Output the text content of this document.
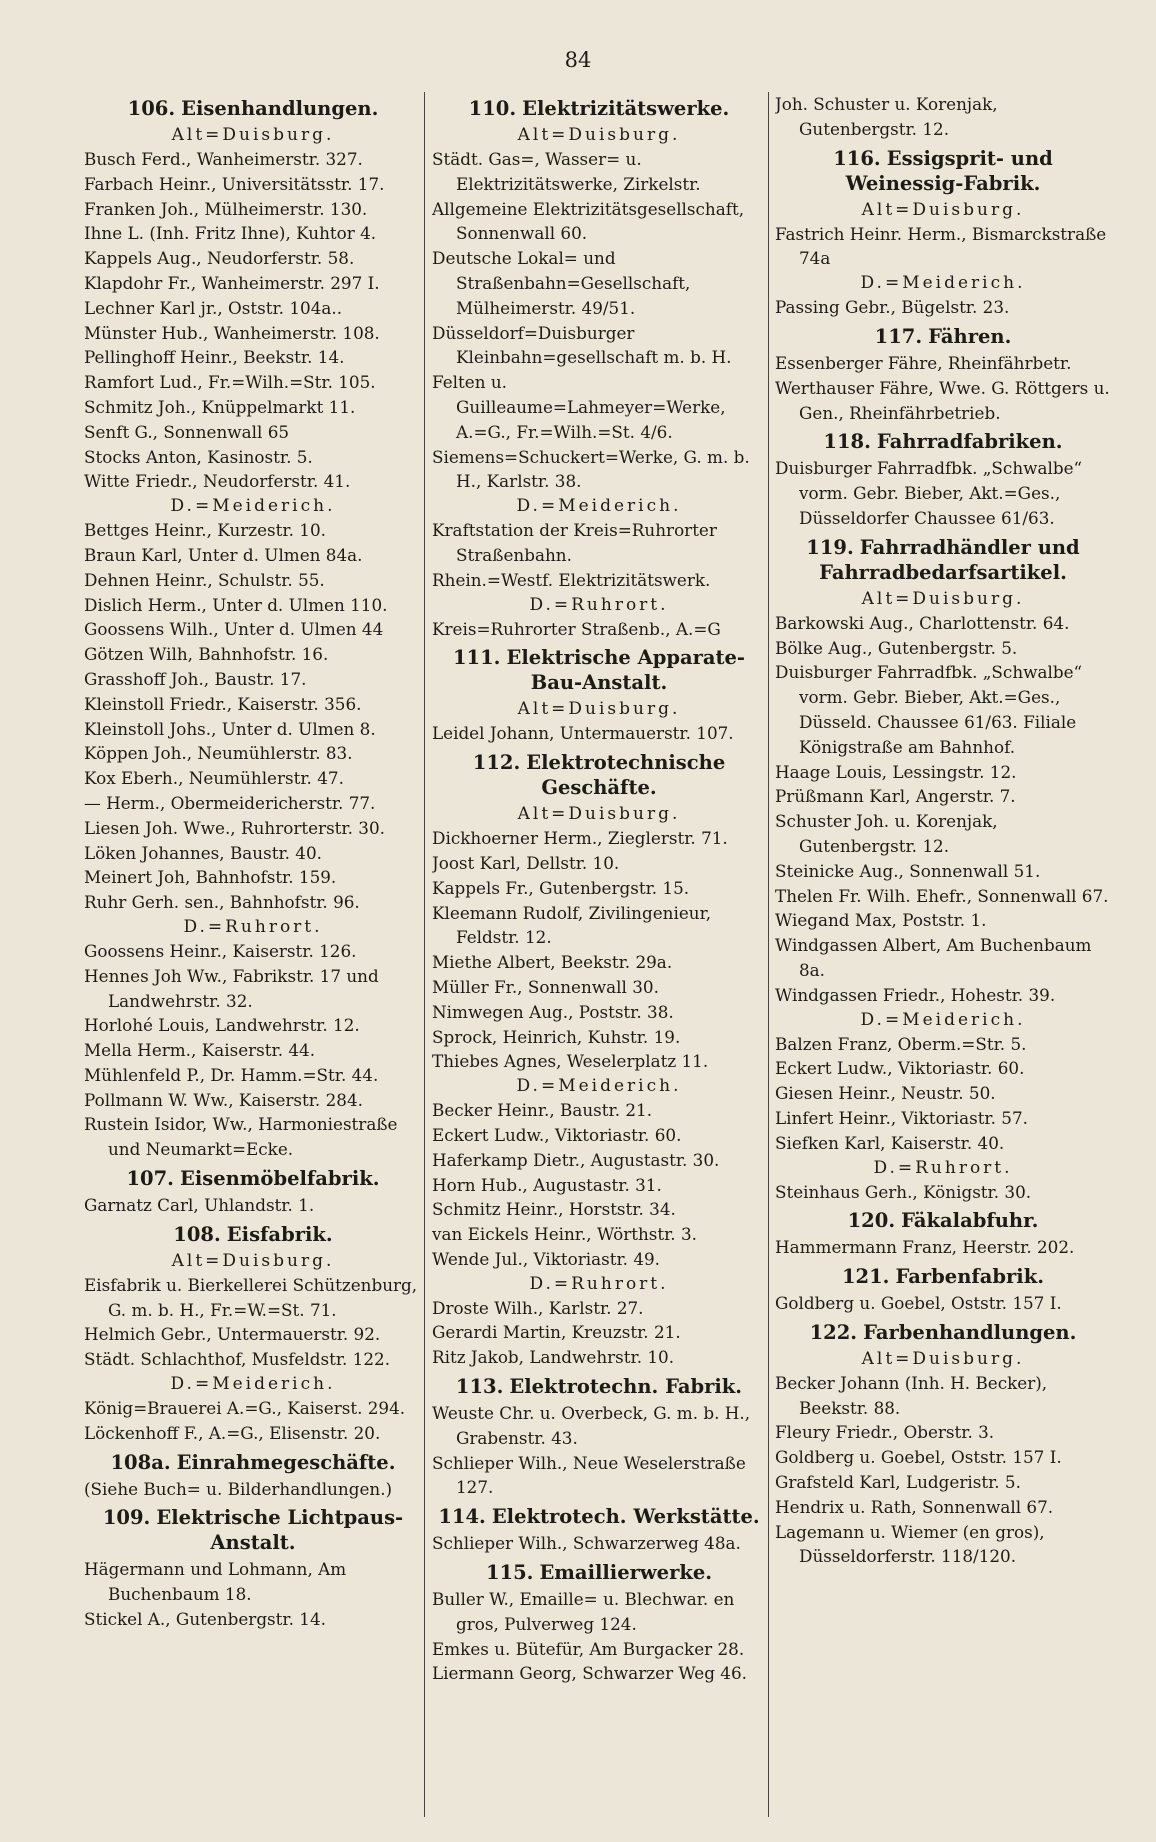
84
106. Eisenhandlungen.
Alt=Duisburg.
Busch Ferd., Wanheimerstr. 327.
Farbach Heinr., Universitätsstr. 17.
Franken Joh., Mülheimerstr. 130.
Ihne L. (Inh. Fritz Ihne), Kuhtor 4.
Kappels Aug., Neudorferstr. 58.
Klapdohr Fr., Wanheimerstr. 297 I.
Lechner Karl jr., Oststr. 104a..
Münster Hub., Wanheimerstr. 108.
Pellinghoff Heinr., Beekstr. 14.
Ramfort Lud., Fr.=Wilh.=Str. 105.
Schmitz Joh., Knüppelmarkt 11.
Senft G., Sonnenwall 65
Stocks Anton, Kasinostr. 5.
Witte Friedr., Neudorferstr. 41.
D.=Meiderich.
Bettges Heinr., Kurzestr. 10.
Braun Karl, Unter d. Ulmen 84a.
Dehnen Heinr., Schulstr. 55.
Dislich Herm., Unter d. Ulmen 110.
Goossens Wilh., Unter d. Ulmen 44
Götzen Wilh, Bahnhofstr. 16.
Grasshoff Joh., Baustr. 17.
Kleinstoll Friedr., Kaiserstr. 356.
Kleinstoll Johs., Unter d. Ulmen 8.
Köppen Joh., Neumühlerstr. 83.
Kox Eberh., Neumühlerstr. 47.
— Herm., Obermeidericherstr. 77.
Liesen Joh. Wwe., Ruhrorterstr. 30.
Löken Johannes, Baustr. 40.
Meinert Joh, Bahnhofstr. 159.
Ruhr Gerh. sen., Bahnhofstr. 96.
D.=Ruhrort.
Goossens Heinr., Kaiserstr. 126.
Hennes Joh Ww., Fabrikstr. 17 und Landwehrstr. 32.
Horlohé Louis, Landwehrstr. 12.
Mella Herm., Kaiserstr. 44.
Mühlenfeld P., Dr. Hamm.=Str. 44.
Pollmann W. Ww., Kaiserstr. 284.
Rustein Isidor, Ww., Harmoniestraße und Neumarkt=Ecke.
107. Eisenmöbelfabrik.
Garnatz Carl, Uhlandstr. 1.
108. Eisfabrik.
Alt=Duisburg.
Eisfabrik u. Bierkellerei Schützenburg, G. m. b. H., Fr.=W.=St. 71.
Helmich Gebr., Untermauerstr. 92.
Städt. Schlachthof, Musfeldstr. 122.
D.=Meiderich.
König=Brauerei A.=G., Kaiserst. 294.
Löckenhoff F., A.=G., Elisenstr. 20.
108a. Einrahmegeschäfte.
(Siehe Buch= u. Bilderhandlungen.)
109. Elektrische Lichtpaus-Anstalt.
Hägermann und Lohmann, Am Buchenbaum 18.
Stickel A., Gutenbergstr. 14.
110. Elektrizitätswerke.
Alt=Duisburg.
Städt. Gas=, Wasser= u. Elektrizitätswerke, Zirkelstr.
Allgemeine Elektrizitätsgesellschaft, Sonnenwall 60.
Deutsche Lokal= und Straßenbahn=Gesellschaft, Mülheimerstr. 49/51.
Düsseldorf=Duisburger Kleinbahn=gesellschaft m. b. H.
Felten u. Guilleaume=Lahmeyer=Werke, A.=G., Fr.=Wilh.=St. 4/6.
Siemens=Schuckert=Werke, G. m. b. H., Karlstr. 38.
D.=Meiderich.
Kraftstation der Kreis=Ruhrorter Straßenbahn.
Rhein.=Westf. Elektrizitätswerk.
D.=Ruhrort.
Kreis=Ruhrorter Straßenb., A.=G
111. Elektrische Apparate-Bau-Anstalt.
Alt=Duisburg.
Leidel Johann, Untermauerstr. 107.
112. Elektrotechnische Geschäfte.
Alt=Duisburg.
Dickhoerner Herm., Zieglerstr. 71.
Joost Karl, Dellstr. 10.
Kappels Fr., Gutenbergstr. 15.
Kleemann Rudolf, Zivilingenieur, Feldstr. 12.
Miethe Albert, Beekstr. 29a.
Müller Fr., Sonnenwall 30.
Nimwegen Aug., Poststr. 38.
Sprock, Heinrich, Kuhstr. 19.
Thiebes Agnes, Weselerplatz 11.
D.=Meiderich.
Becker Heinr., Baustr. 21.
Eckert Ludw., Viktoriastr. 60.
Haferkamp Dietr., Augustastr. 30.
Horn Hub., Augustastr. 31.
Schmitz Heinr., Horststr. 34.
van Eickels Heinr., Wörthstr. 3.
Wende Jul., Viktoriastr. 49.
D.=Ruhrort.
Droste Wilh., Karlstr. 27.
Gerardi Martin, Kreuzstr. 21.
Ritz Jakob, Landwehrstr. 10.
113. Elektrotechn. Fabrik.
Weuste Chr. u. Overbeck, G. m. b. H., Grabenstr. 43.
Schlieper Wilh., Neue Weselerstraße 127.
114. Elektrotech. Werkstätte.
Schlieper Wilh., Schwarzerweg 48a.
115. Emaillierwerke.
Buller W., Emaille= u. Blechwar. en gros, Pulverweg 124.
Emkes u. Bütefür, Am Burgacker 28.
Liermann Georg, Schwarzer Weg 46.
Joh. Schuster u. Korenjak, Gutenbergstr. 12.
116. Essigsprit- und Weinessig-Fabrik.
Alt=Duisburg.
Fastrich Heinr. Herm., Bismarckstraße 74a
D.=Meiderich.
Passing Gebr., Bügelstr. 23.
117. Fähren.
Essenberger Fähre, Rheinfährbetr.
Werthauser Fähre, Wwe. G. Röttgers u. Gen., Rheinfährbetrieb.
118. Fahrradfabriken.
Duisburger Fahrradfbk. „Schwalbe“ vorm. Gebr. Bieber, Akt.=Ges., Düsseldorfer Chaussee 61/63.
119. Fahrradhändler und Fahrradbedarfsartikel.
Alt=Duisburg.
Barkowski Aug., Charlottenstr. 64.
Bölke Aug., Gutenbergstr. 5.
Duisburger Fahrradfbk. „Schwalbe“ vorm. Gebr. Bieber, Akt.=Ges., Düsseld. Chaussee 61/63. Filiale Königstraße am Bahnhof.
Haage Louis, Lessingstr. 12.
Prüßmann Karl, Angerstr. 7.
Schuster Joh. u. Korenjak, Gutenbergstr. 12.
Steinicke Aug., Sonnenwall 51.
Thelen Fr. Wilh. Ehefr., Sonnenwall 67.
Wiegand Max, Poststr. 1.
Windgassen Albert, Am Buchenbaum 8a.
Windgassen Friedr., Hohestr. 39.
D.=Meiderich.
Balzen Franz, Oberm.=Str. 5.
Eckert Ludw., Viktoriastr. 60.
Giesen Heinr., Neustr. 50.
Linfert Heinr., Viktoriastr. 57.
Siefken Karl, Kaiserstr. 40.
D.=Ruhrort.
Steinhaus Gerh., Königstr. 30.
120. Fäkalabfuhr.
Hammermann Franz, Heerstr. 202.
121. Farbenfabrik.
Goldberg u. Goebel, Oststr. 157 I.
122. Farbenhandlungen.
Alt=Duisburg.
Becker Johann (Inh. H. Becker), Beekstr. 88.
Fleury Friedr., Oberstr. 3.
Goldberg u. Goebel, Oststr. 157 I.
Grafsteld Karl, Ludgeristr. 5.
Hendrix u. Rath, Sonnenwall 67.
Lagemann u. Wiemer (en gros), Düsseldorferstr. 118/120.
